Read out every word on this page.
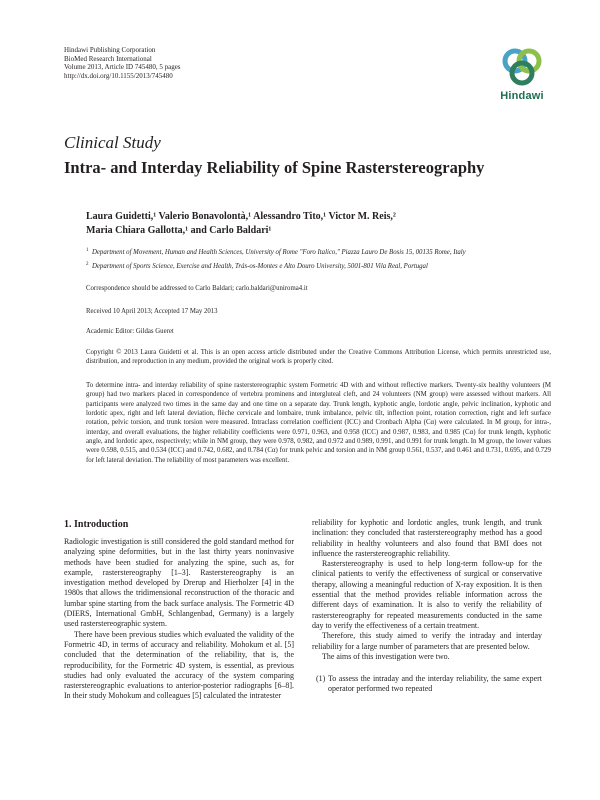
Hindawi Publishing Corporation
BioMed Research International
Volume 2013, Article ID 745480, 5 pages
http://dx.doi.org/10.1155/2013/745480
Hindawi
Clinical Study
Intra- and Interday Reliability of Spine Rasterstereography
Laura Guidetti,¹ Valerio Bonavolontà,¹ Alessandro Tito,¹ Victor M. Reis,²
Maria Chiara Gallotta,¹ and Carlo Baldari¹
1 Department of Movement, Human and Health Sciences, University of Rome "Foro Italico," Piazza Lauro De Bosis 15, 00135 Rome, Italy
2 Department of Sports Science, Exercise and Health, Trás-os-Montes e Alto Douro University, 5001-801 Vila Real, Portugal
Correspondence should be addressed to Carlo Baldari; carlo.baldari@uniroma4.it
Received 10 April 2013; Accepted 17 May 2013
Academic Editor: Gildas Gueret
Copyright © 2013 Laura Guidetti et al. This is an open access article distributed under the Creative Commons Attribution License, which permits unrestricted use, distribution, and reproduction in any medium, provided the original work is properly cited.
To determine intra- and interday reliability of spine rasterstereographic system Formetric 4D with and without reflective markers. Twenty-six healthy volunteers (M group) had two markers placed in correspondence of vertebra prominens and intergluteal cleft, and 24 volunteers (NM group) were assessed without markers. All participants were analyzed two times in the same day and one time on a separate day. Trunk length, kyphotic angle, lordotic angle, pelvic inclination, kyphotic and lordotic apex, right and left lateral deviation, flèche cervicale and lombaire, trunk imbalance, pelvic tilt, inflection point, rotation correction, right and left surface rotation, pelvic torsion, and trunk torsion were measured. Intraclass correlation coefficient (ICC) and Cronbach Alpha (Cα) were calculated. In M group, for intra-, interday, and overall evaluations, the higher reliability coefficients were 0.971, 0.963, and 0.958 (ICC) and 0.987, 0.983, and 0.985 (Cα) for trunk length, kyphotic angle, and lordotic apex, respectively; while in NM group, they were 0.978, 0.982, and 0.972 and 0.989, 0.991, and 0.991 for trunk length. In M group, the lower values were 0.598, 0.515, and 0.534 (ICC) and 0.742, 0.682, and 0.784 (Cα) for trunk pelvic and torsion and in NM group 0.561, 0.537, and 0.461 and 0.731, 0.695, and 0.729 for left lateral deviation. The reliability of most parameters was excellent.
1. Introduction

Radiologic investigation is still considered the gold standard method for analyzing spine deformities, but in the last thirty years noninvasive methods have been studied for analyzing the spine, such as, for example, rasterstereography [1–3]. Rasterstereography is an investigation method developed by Drerup and Hierholzer [4] in the 1980s that allows the tridimensional reconstruction of the thoracic and lumbar spine starting from the back surface analysis. The Formetric 4D (DIERS, International GmbH, Schlangenbad, Germany) is a largely used rasterstereographic system.

There have been previous studies which evaluated the validity of the Formetric 4D, in terms of accuracy and reliability. Mohokum et al. [5] concluded that the determination of the reliability, that is, the reproducibility, for the Formetric 4D system, is essential, as previous studies had only evaluated the accuracy of the system comparing rasterstereographic evaluations to anterior-posterior radiographs [6–8]. In their study Mohokum and colleagues [5] calculated the intratester

reliability for kyphotic and lordotic angles, trunk length, and trunk inclination: they concluded that rasterstereography method has a good reliability in healthy volunteers and also found that BMI does not influence the rasterstereographic reliability.

Rasterstereography is used to help long-term follow-up for the clinical patients to verify the effectiveness of surgical or conservative therapy, allowing a meaningful reduction of X-ray exposition. It is then essential that the method provides reliable information across the different days of examination. It is also to verify the reliability of rasterstereography for repeated measurements conducted in the same day to verify the effectiveness of a certain treatment.

Therefore, this study aimed to verify the intraday and interday reliability for a large number of parameters that are presented below.

The aims of this investigation were two.

(1) To assess the intraday and the interday reliability, the same expert operator performed two repeated
